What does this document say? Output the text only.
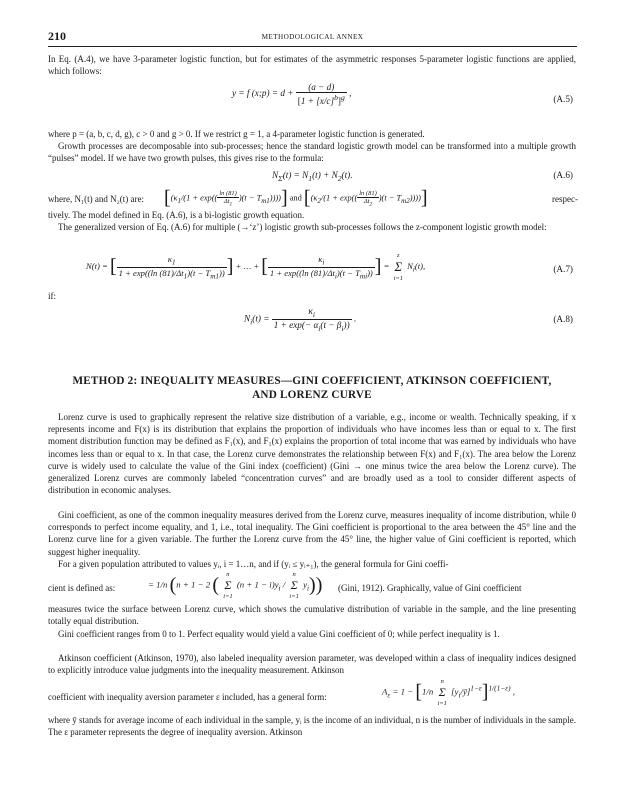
210	METHODOLOGICAL ANNEX
In Eq. (A.4), we have 3-parameter logistic function, but for estimates of the asymmetric responses 5-parameter logistic functions are applied, which follows:
y = f (x;p) = $d + \frac{(a - d)}{[1 + [x/c]^b]^g}$ ,
(A.5)
where p = (a, b, c, d, g), c > 0 and g > 0. If we restrict g = 1, a 4-parameter logistic function is generated.
Growth processes are decomposable into sub-processes; hence the standard logistic growth model can be transformed into a multiple growth “pulses” model. If we have two growth pulses, this gives rise to the formula:
$N_\Sigma(t) = N_1(t) + N_2(t)$.	(A.6)
where, N₁(t) and N₂(t) are:	$[(\kappa_1/(1 + \exp(( \frac{\ln (81)}{\Delta t_1} )(t - T_{m1}))))]$ and $[(\kappa_2/(1 + \exp(( \frac{\ln (81)}{\Delta t_2} )(t - T_{m2}))))]$	respec-
tively. The model defined in Eq. (A.6), is a bi-logistic growth equation.
The generalized version of Eq. (A.6) for multiple (→‘z’) logistic growth sub-processes follows the z-component logistic growth model:
N(t) = [ $\frac{\kappa_1}{1 + \exp((\ln (81)/\Delta t_1)(t - T_{m1}))}$ ] + … + [ $\frac{\kappa_i}{1 + \exp((\ln (81)/\Delta t_i)(t - T_{mi}))}$ ] =
z
Σ
i=1
$N_i(t)$,	(A.7)
if:
$N_i(t) = \frac{\kappa_i}{1 + \exp(- \alpha_i(t - \beta_i))}$ .	(A.8)
METHOD 2: INEQUALITY MEASURES—GINI COEFFICIENT, ATKINSON COEFFICIENT,
AND LORENZ CURVE
Lorenz curve is used to graphically represent the relative size distribution of a variable, e.g., income or wealth. Technically speaking, if x represents income and F(x) is its distribution that explains the proportion of individuals who have incomes less than or equal to x. The first moment distribution function may be defined as F₁(x), and F₁(x) explains the proportion of total income that was earned by individuals who have incomes less than or equal to x. In that case, the Lorenz curve demonstrates the relationship between F(x) and F₁(x). The area below the Lorenz curve is widely used to calculate the value of the Gini index (coefficient) (Gini → one minus twice the area below the Lorenz curve). The generalized Lorenz curves are commonly labeled “concentration curves” and are broadly used as a tool to consider different aspects of distribution in economic analyses.
Gini coefficient, as one of the common inequality measures derived from the Lorenz curve, measures inequality of income distribution, while 0 corresponds to perfect income equality, and 1, i.e., total inequality. The Gini coefficient is proportional to the area between the 45° line and the Lorenz curve line for a given variable. The further the Lorenz curve from the 45° line, the higher value of Gini coefficient is reported, which suggest higher inequality.
For a given population attributed to values yᵢ, i = 1…n, and if (yᵢ ≤ yᵢ₊₁), the general formula for Gini coeffi-
cient is defined as:	= 1/n (n + 1 − 2 (	n
Σ
i=1
$(n + 1 - i)y_i$ /
n
Σ
i=1
$y_i$)) (Gini, 1912). Graphically, value of Gini coefficient
measures twice the surface between Lorenz curve, which shows the cumulative distribution of variable in the sample, and the line presenting totally equal distribution.
Gini coefficient ranges from 0 to 1. Perfect equality would yield a value Gini coefficient of 0; while perfect inequality is 1.
Atkinson coefficient (Atkinson, 1970), also labeled inequality aversion parameter, was developed within a class of inequality indices designed to explicitly introduce value judgments into the inequality measurement. Atkinson
coefficient with inequality aversion parameter ε included, has a general form:
$A_\varepsilon = 1 - [1/n$
n
Σ
i=1
$[y_i/ȳ]^{1-\varepsilon}]^{1/(1-\varepsilon)}$ ,
where ȳ stands for average income of each individual in the sample, yᵢ is the income of an individual, n is the number of individuals in the sample. The ε parameter represents the degree of inequality aversion. Atkinson
